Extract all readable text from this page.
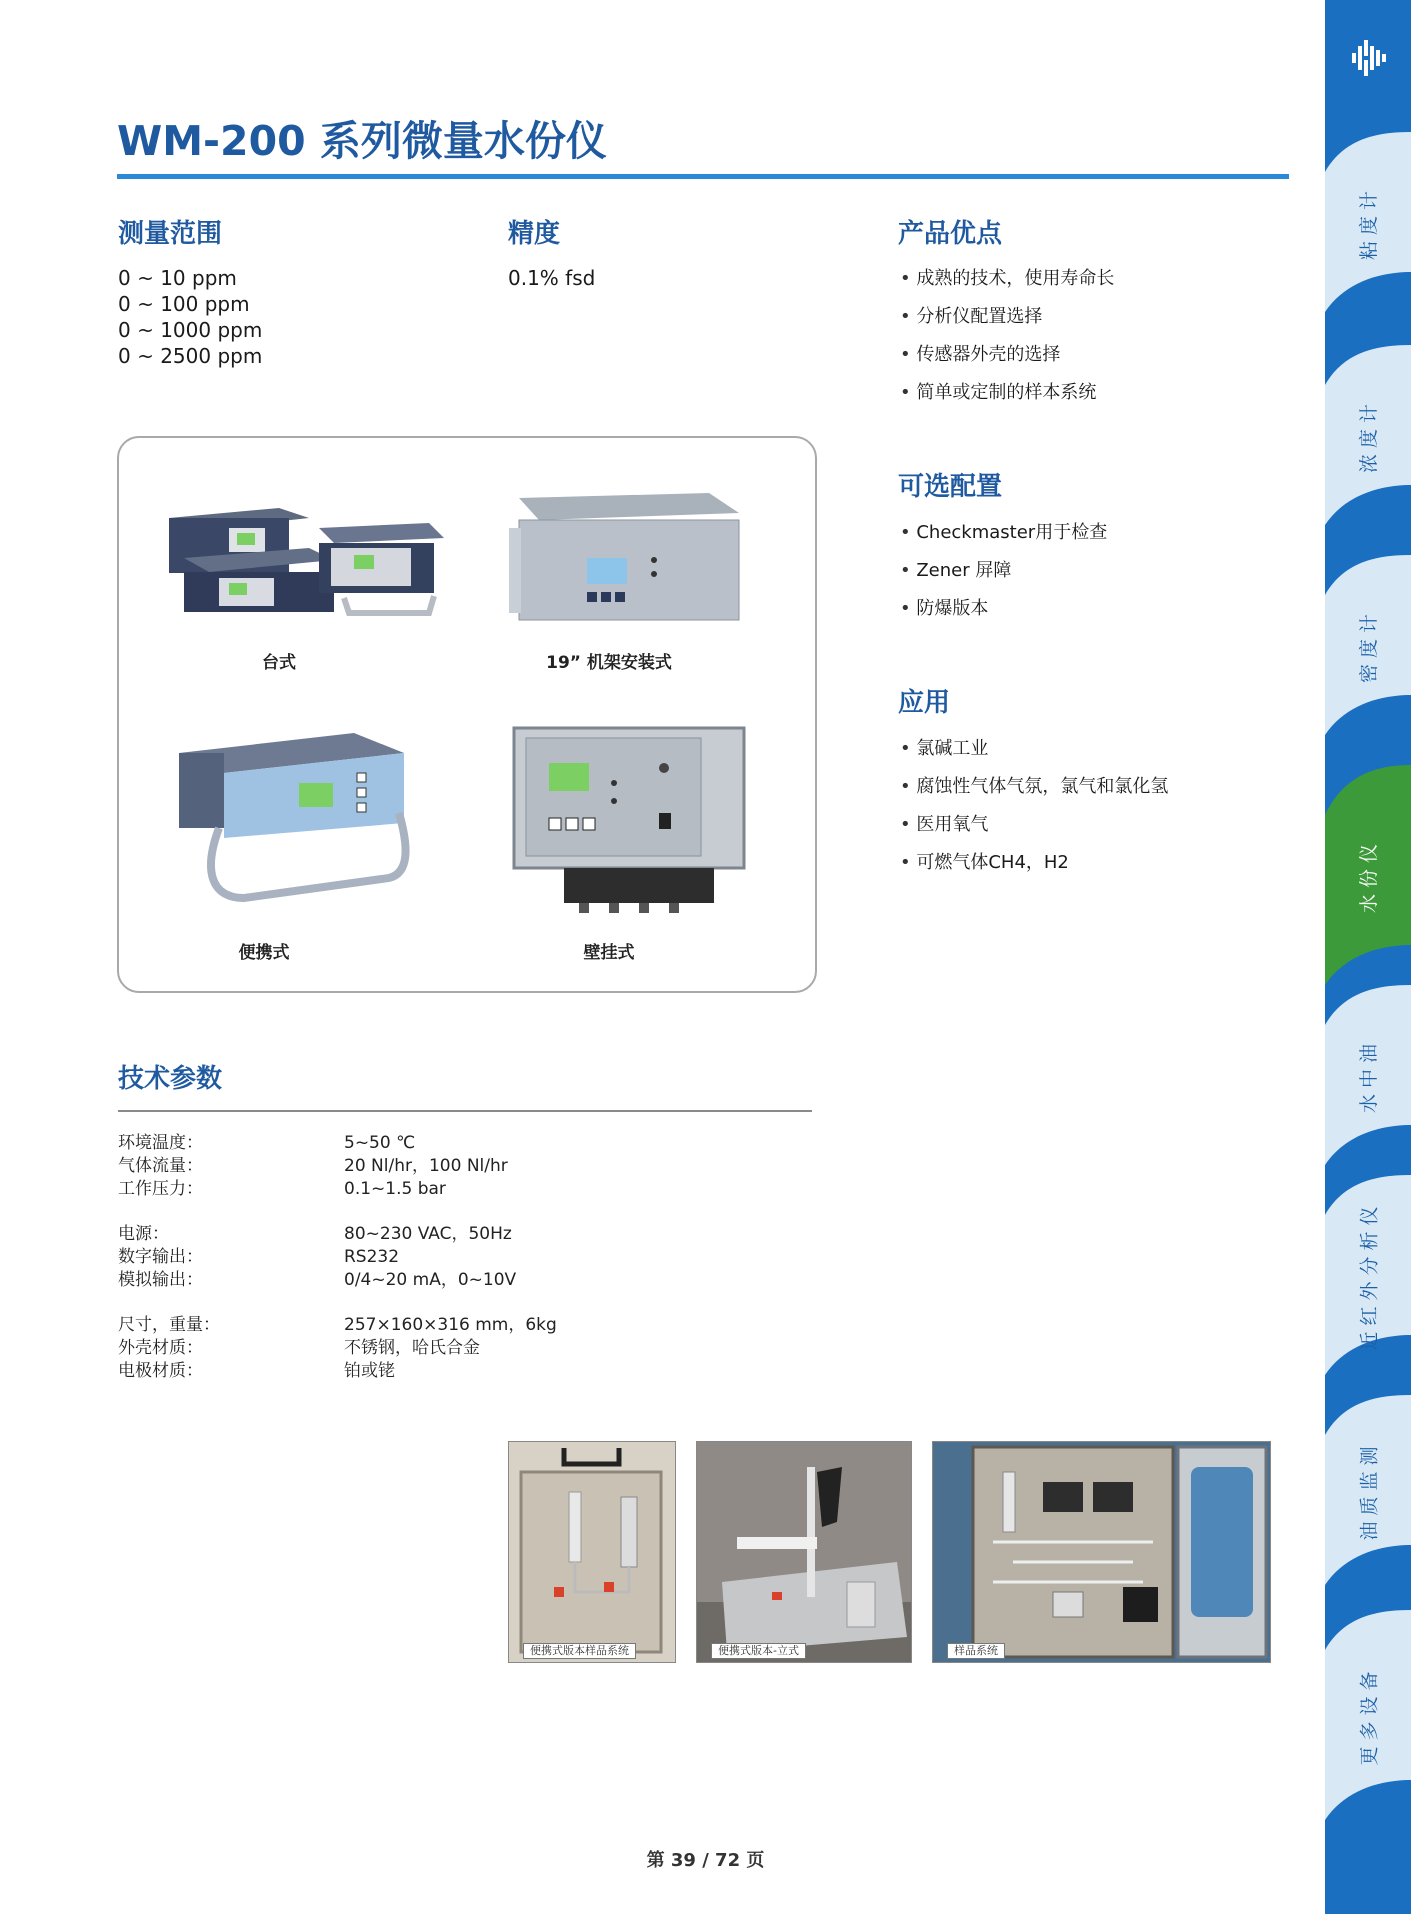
WM-200 系列微量水份仪
测量范围
0 ~ 10 ppm
0 ~ 100 ppm
0 ~ 1000 ppm
0 ~ 2500 ppm
精度
0.1% fsd
产品优点
• 成熟的技术，使用寿命长
• 分析仪配置选择
• 传感器外壳的选择
• 简单或定制的样本系统
可选配置
• Checkmaster用于检查
• Zener 屏障
• 防爆版本
应用
• 氯碱工业
• 腐蚀性气体气氛，氯气和氯化氢
• 医用氧气
• 可燃气体CH4，H2
台式	19” 机架安装式
便携式	壁挂式
技术参数
环境温度：	5~50 ℃
气体流量：	20 Nl/hr，100 Nl/hr
工作压力：	0.1~1.5 bar
电源：	80~230 VAC，50Hz
数字输出：	RS232
模拟输出：	0/4~20 mA，0~10V
尺寸，重量：	257×160×316 mm，6kg
外壳材质：	不锈钢，哈氏合金
电极材质：	铂或铑
便携式版本样品系统	便携式版本-立式	样品系统
第 39 / 72 页
粘度计
浓度计
密度计
水份仪
水中油
近红外分析仪
油质监测
更多设备
